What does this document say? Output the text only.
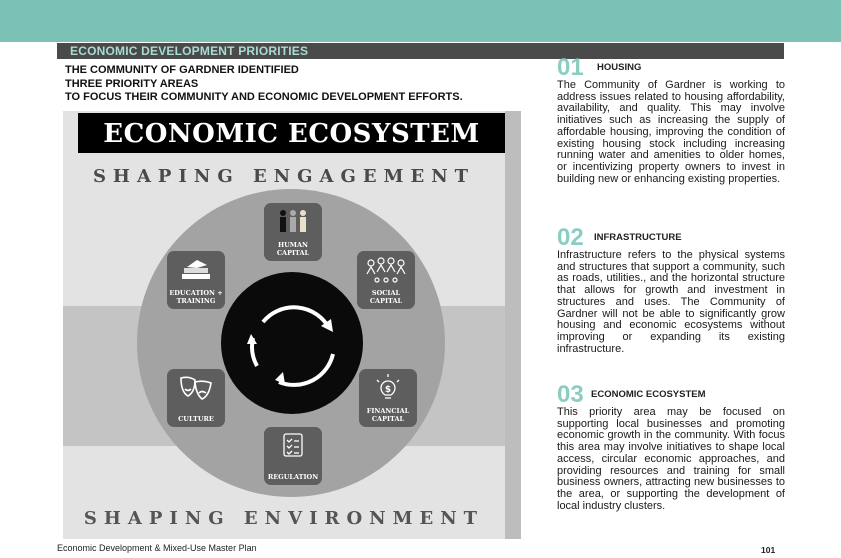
ECONOMIC DEVELOPMENT PRIORITIES
THE COMMUNITY OF GARDNER IDENTIFIED
THREE PRIORITY AREAS
TO FOCUS THEIR COMMUNITY AND ECONOMIC DEVELOPMENT EFFORTS.
ECONOMIC ECOSYSTEM
SHAPING ENGAGEMENT
HUMAN CAPITAL
SOCIAL CAPITAL
EDUCATION + TRAINING
CULTURE
$
FINANCIAL CAPITAL
REGULATION
SHAPING ENVIRONMENT
01 HOUSING

The Community of Gardner is working to address issues related to housing affordability, availability, and quality. This may involve initiatives such as increasing the supply of affordable housing, improving the condition of existing housing stock including increasing running water and amenities to older homes, or incentivizing property owners to invest in building new or enhancing existing properties.

02 INFRASTRUCTURE

Infrastructure refers to the physical systems and structures that support a community, such as roads, utilities., and the horizontal structure that allows for growth and investment in structures and uses. The Community of Gardner will not be able to significantly grow housing and economic ecosystems without improving or expanding its existing infrastructure.

03 ECONOMIC ECOSYSTEM

This priority area may be focused on supporting local businesses and promoting economic growth in the community. With focus this area may involve initiatives to shape local access, circular economic approaches, and providing resources and training for small business owners, attracting new businesses to the area, or supporting the development of local industry clusters.

Economic Development & Mixed-Use Master Plan	101
